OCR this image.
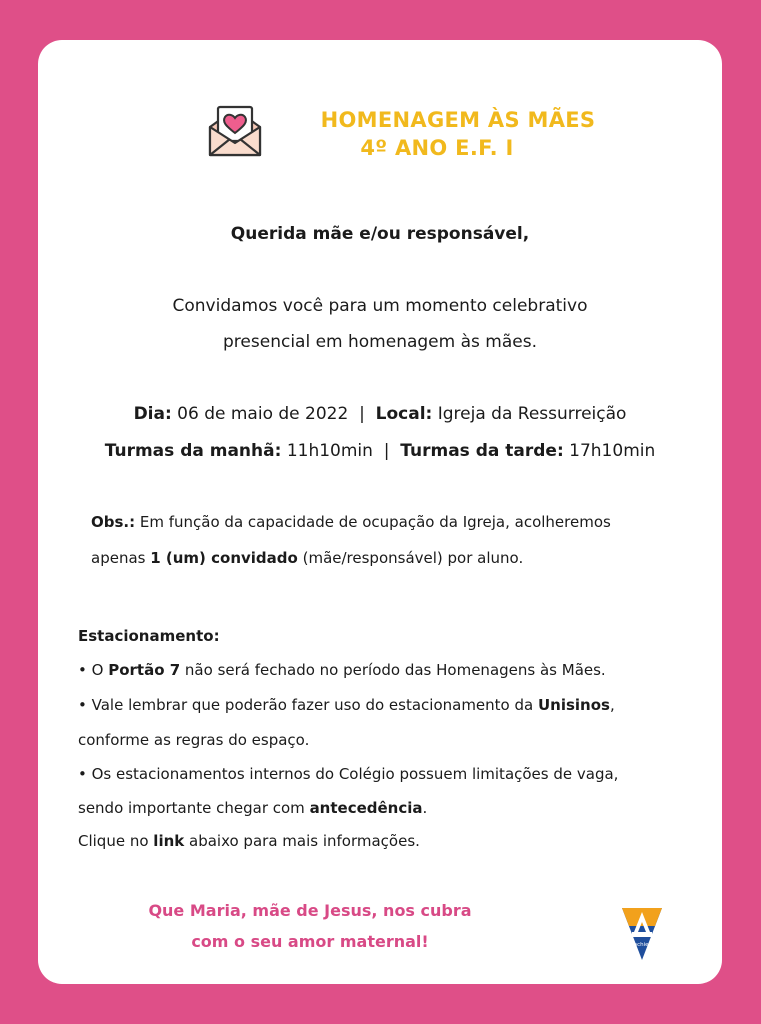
HOMENAGEM ÀS MÃES
4º ANO E.F. I
Querida mãe e/ou responsável,
Convidamos você para um momento celebrativo
presencial em homenagem às mães.
Dia: 06 de maio de 2022  |  Local: Igreja da Ressurreição
Turmas da manhã: 11h10min  |  Turmas da tarde: 17h10min
Obs.: Em função da capacidade de ocupação da Igreja, acolheremos
apenas 1 (um) convidado (mãe/responsável) por aluno.
Estacionamento:
• O Portão 7 não será fechado no período das Homenagens às Mães.
• Vale lembrar que poderão fazer uso do estacionamento da Unisinos,
conforme as regras do espaço.
• Os estacionamentos internos do Colégio possuem limitações de vaga,
sendo importante chegar com antecedência.
Clique no link abaixo para mais informações.
Que Maria, mãe de Jesus, nos cubra
com o seu amor maternal!	Anchieta
